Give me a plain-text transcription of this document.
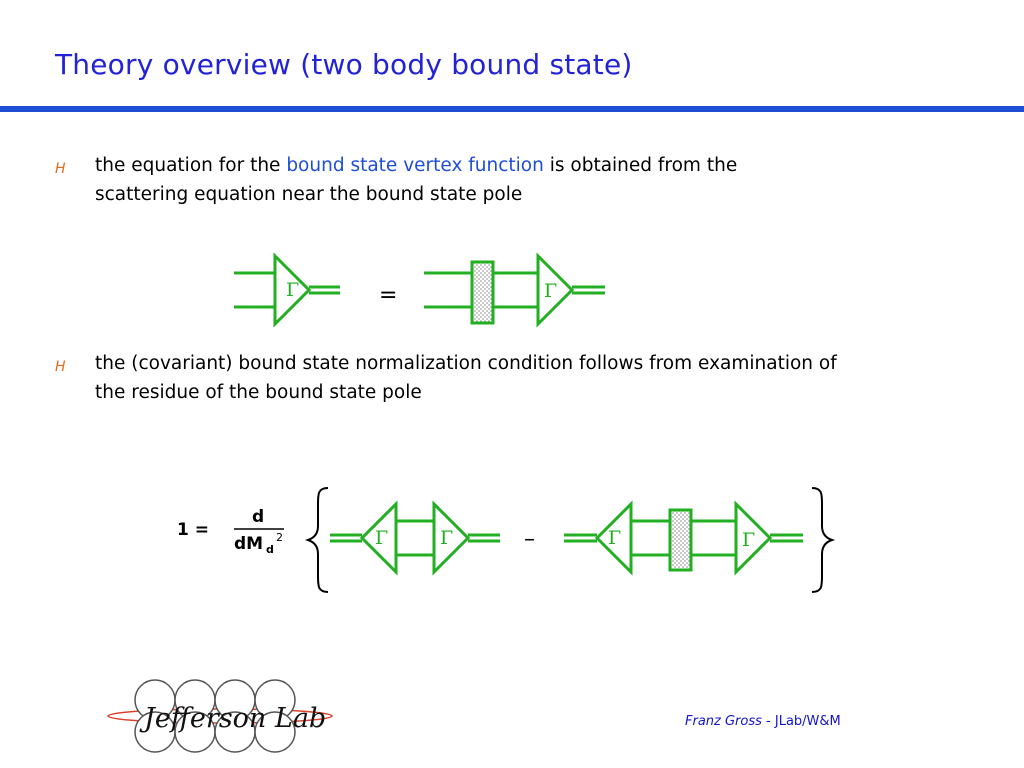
Theory overview (two body bound state)
H the equation for the bound state vertex function is obtained from the
scattering equation near the bound state pole
H the (covariant) bound state normalization condition follows from examination of
the residue of the bound state pole
Γ	=	Γ
1 =
d
dM d
2	Γ	Γ	–	Γ	Γ
Jefferson Lab	Franz Gross - JLab/W&M
